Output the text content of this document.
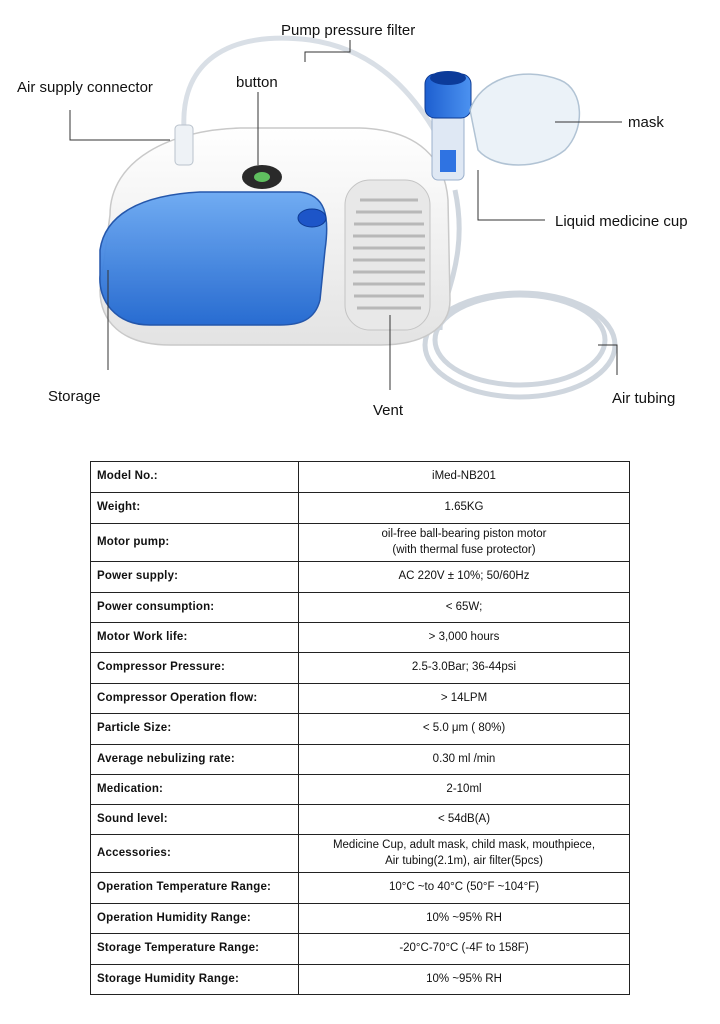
Pump pressure filter
Air supply connector	button
mask
Liquid medicine cup
Storage
Vent
Air tubing
Model No.:	iMed-NB201

Weight:	1.65KG

Motor pump:	oil-free ball-bearing piston motor
(with thermal fuse protector)

Power supply:	AC 220V ± 10%; 50/60Hz

Power consumption:	< 65W;

Motor Work life:	> 3,000 hours

Compressor Pressure:	2.5-3.0Bar; 36-44psi

Compressor Operation flow:	> 14LPM

Particle Size:	< 5.0 μm ( 80%)

Average nebulizing rate:	0.30 ml /min

Medication:	2-10ml

Sound level:	< 54dB(A)

Accessories:	Medicine Cup, adult mask, child mask, mouthpiece,
Air tubing(2.1m), air filter(5pcs)

Operation Temperature Range:	10°C ~to 40°C (50°F ~104°F)

Operation Humidity Range:	10% ~95% RH

Storage Temperature Range:	-20°C-70°C (-4F to 158F)

Storage Humidity Range:	10% ~95% RH
